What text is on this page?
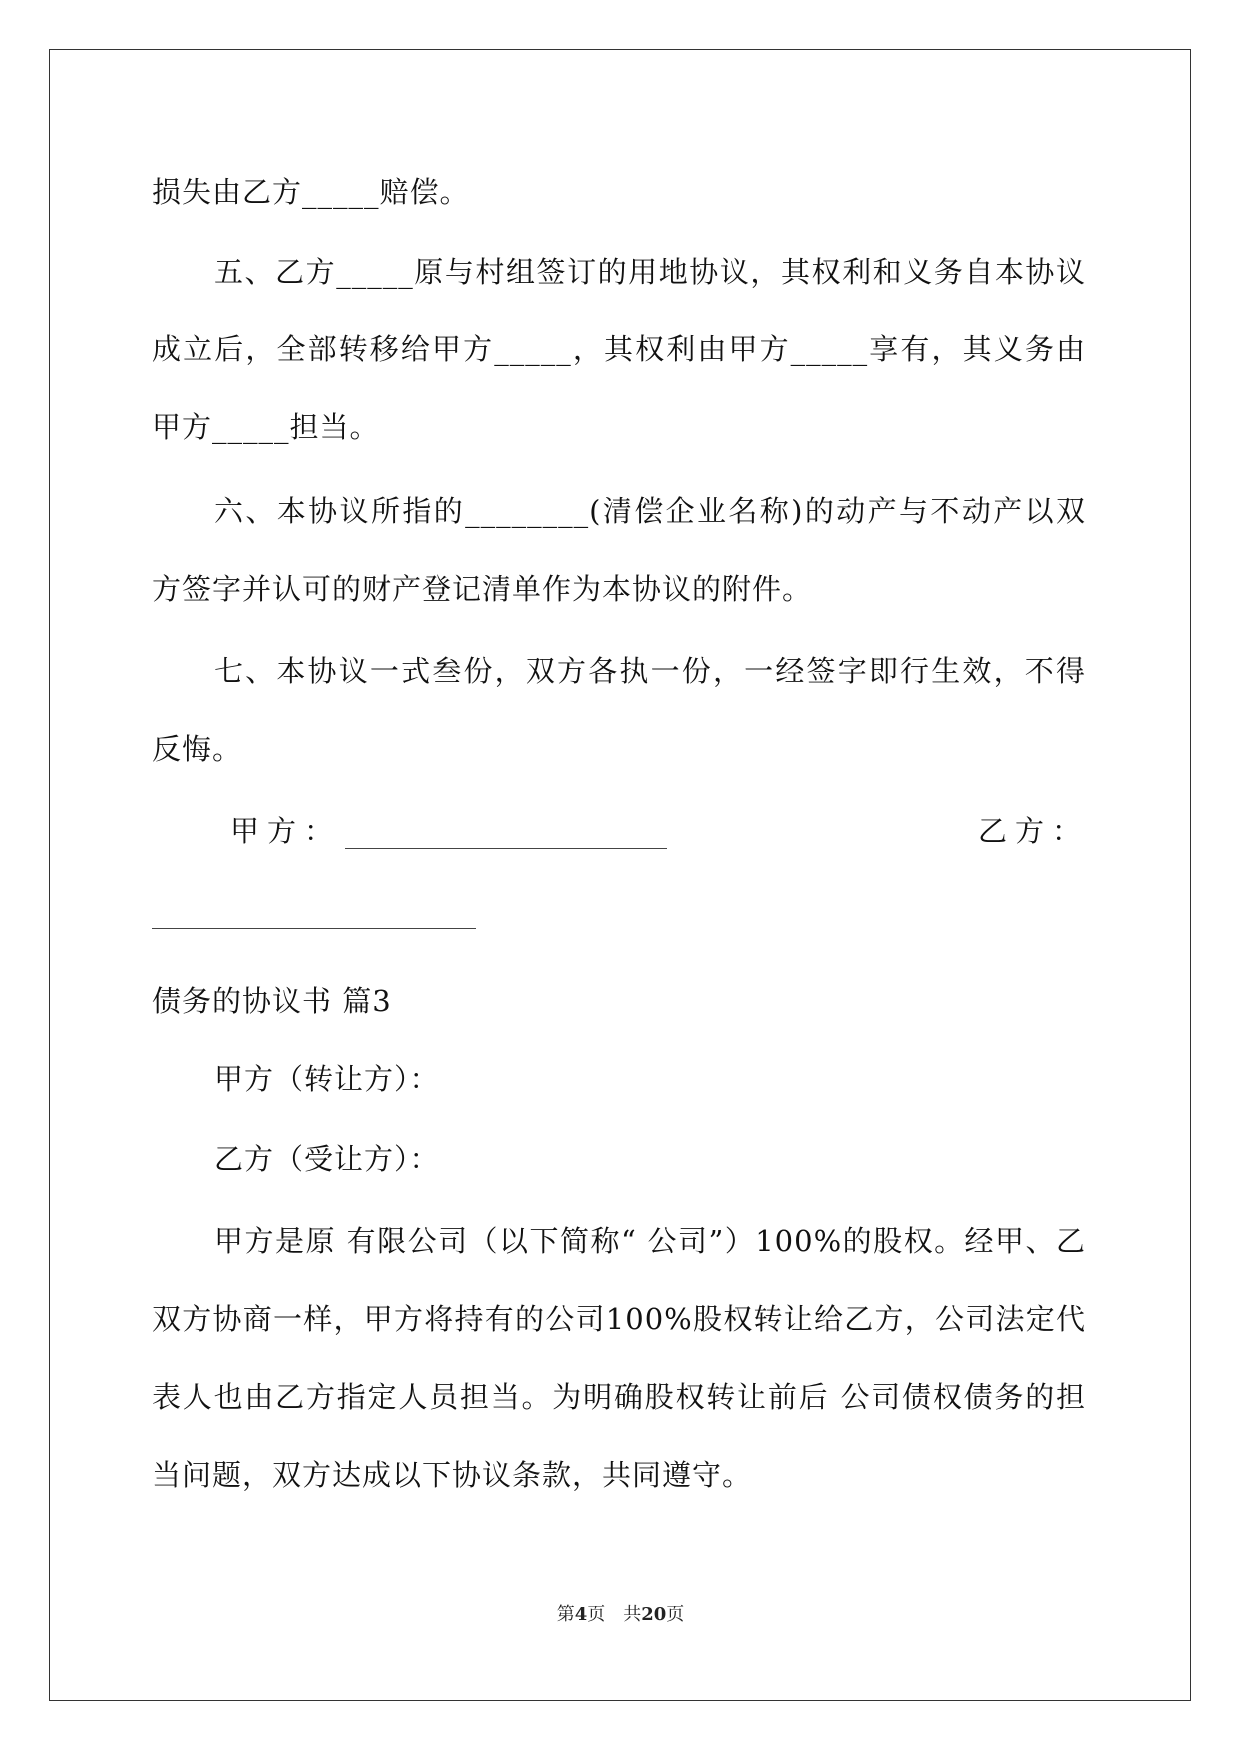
损失由乙方_____赔偿。
五、乙方_____原与村组签订的用地协议，其权利和义务自本协议
成立后，全部转移给甲方_____，其权利由甲方_____享有，其义务由
甲方_____担当。
六、本协议所指的________(清偿企业名称)的动产与不动产以双
方签字并认可的财产登记清单作为本协议的附件。
七、本协议一式叁份，双方各执一份，一经签字即行生效，不得
反悔。
甲方：	乙方：
债务的协议书 篇3
甲方（转让方）：
乙方（受让方）：
甲方是原 有限公司（以下简称“ 公司”）100%的股权。经甲、乙
双方协商一样，甲方将持有的公司100%股权转让给乙方，公司法定代
表人也由乙方指定人员担当。为明确股权转让前后 公司债权债务的担
当问题，双方达成以下协议条款，共同遵守。
第4页　共20页
